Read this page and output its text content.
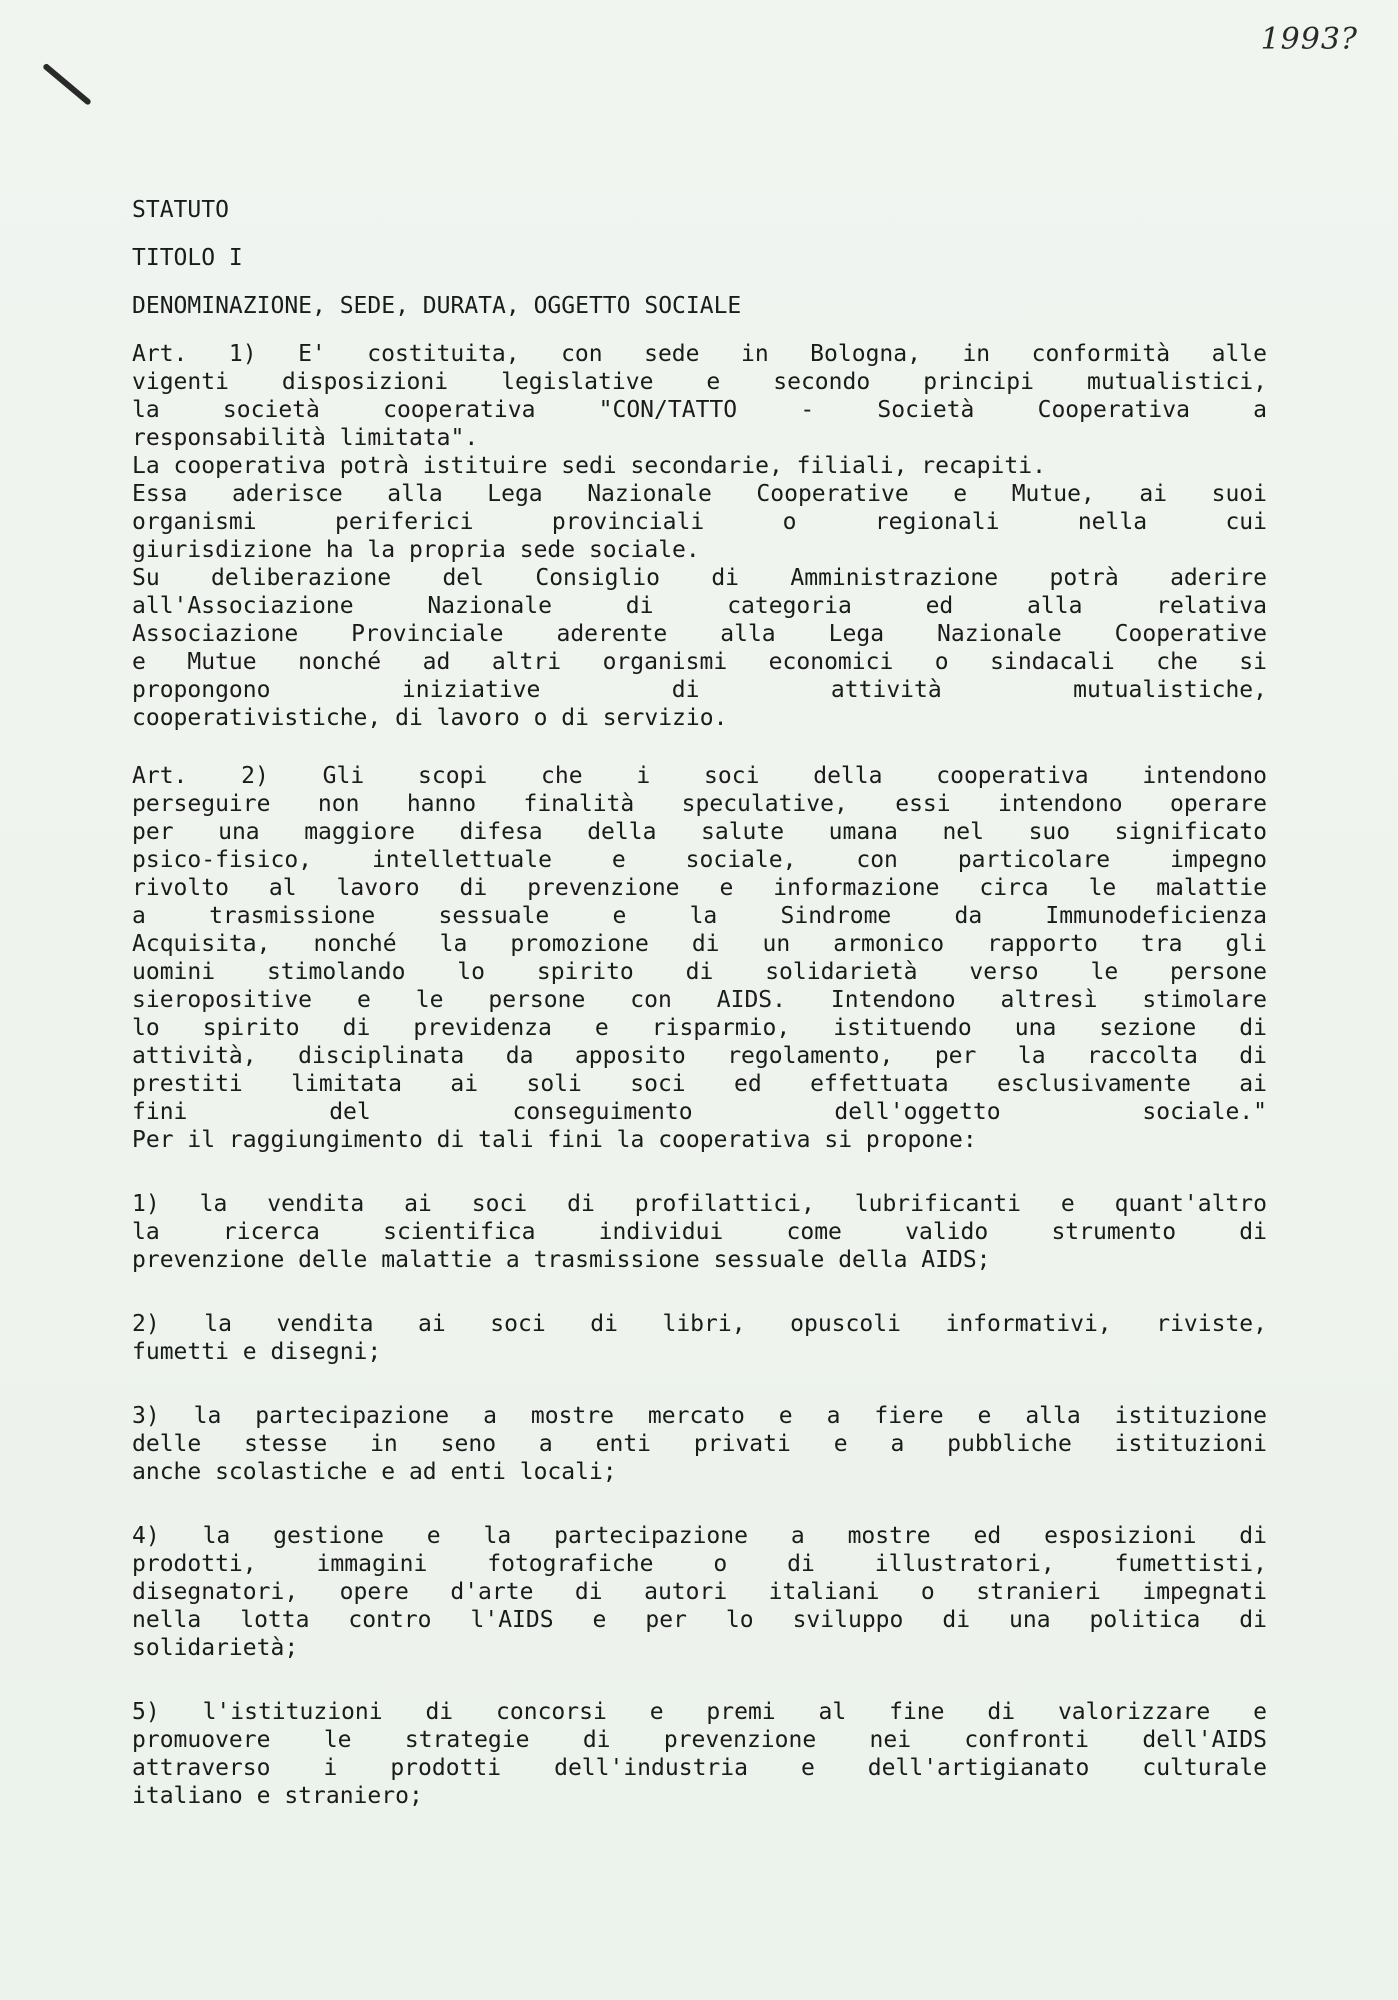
1993?
STATUTO
TITOLO I
DENOMINAZIONE, SEDE, DURATA, OGGETTO SOCIALE
Art. 1) E' costituita, con sede in Bologna, in conformità alle
vigenti disposizioni legislative e secondo principi mutualistici,
la società cooperativa "CON/TATTO - Società Cooperativa a
responsabilità limitata".
La cooperativa potrà istituire sedi secondarie, filiali, recapiti.
Essa aderisce alla Lega Nazionale Cooperative e Mutue, ai suoi
organismi periferici provinciali o regionali nella cui
giurisdizione ha la propria sede sociale.
Su deliberazione del Consiglio di Amministrazione potrà aderire
all'Associazione Nazionale di categoria ed alla relativa
Associazione Provinciale aderente alla Lega Nazionale Cooperative
e Mutue nonché ad altri organismi economici o sindacali che si
propongono iniziative di attività mutualistiche,
cooperativistiche, di lavoro o di servizio.
Art. 2) Gli scopi che i soci della cooperativa intendono
perseguire non hanno finalità speculative, essi intendono operare
per una maggiore difesa della salute umana nel suo significato
psico-fisico, intellettuale e sociale, con particolare impegno
rivolto al lavoro di prevenzione e informazione circa le malattie
a trasmissione sessuale e la Sindrome da Immunodeficienza
Acquisita, nonché la promozione di un armonico rapporto tra gli
uomini stimolando lo spirito di solidarietà verso le persone
sieropositive e le persone con AIDS. Intendono altresì stimolare
lo spirito di previdenza e risparmio, istituendo una sezione di
attività, disciplinata da apposito regolamento, per la raccolta di
prestiti limitata ai soli soci ed effettuata esclusivamente ai
fini del conseguimento dell'oggetto sociale."
Per il raggiungimento di tali fini la cooperativa si propone:
1) la vendita ai soci di profilattici, lubrificanti e quant'altro
la ricerca scientifica individui come valido strumento di
prevenzione delle malattie a trasmissione sessuale della AIDS;
2) la vendita ai soci di libri, opuscoli informativi, riviste,
fumetti e disegni;
3) la partecipazione a mostre mercato e a fiere e alla istituzione
delle stesse in seno a enti privati e a pubbliche istituzioni
anche scolastiche e ad enti locali;
4) la gestione e la partecipazione a mostre ed esposizioni di
prodotti, immagini fotografiche o di illustratori, fumettisti,
disegnatori, opere d'arte di autori italiani o stranieri impegnati
nella lotta contro l'AIDS e per lo sviluppo di una politica di
solidarietà;
5) l'istituzioni di concorsi e premi al fine di valorizzare e
promuovere le strategie di prevenzione nei confronti dell'AIDS
attraverso i prodotti dell'industria e dell'artigianato culturale
italiano e straniero;
